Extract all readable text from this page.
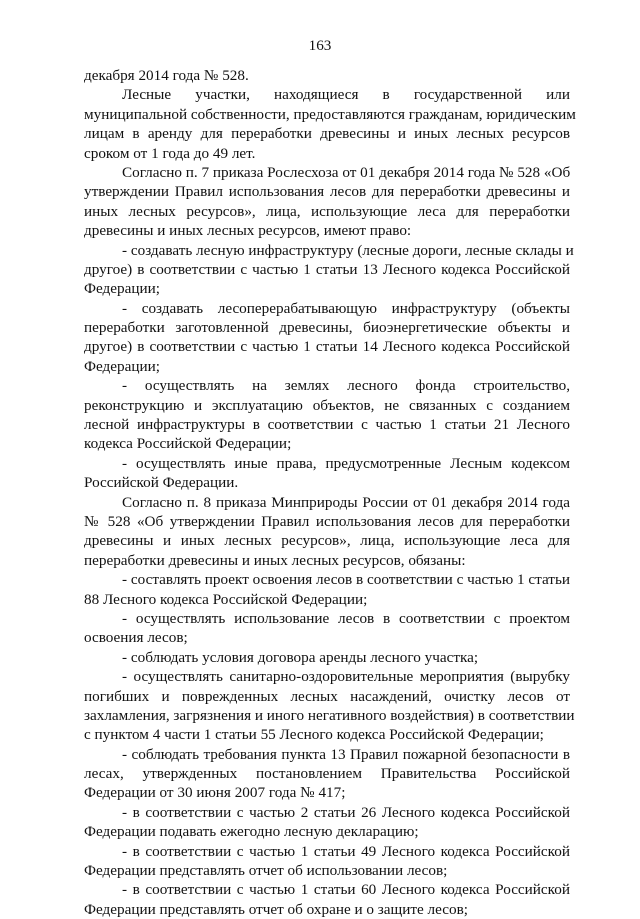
163
декабря 2014 года № 528.
Лесные участки, находящиеся в государственной или
муниципальной собственности, предоставляются гражданам, юридическим
лицам в аренду для переработки древесины и иных лесных ресурсов
сроком от 1 года до 49 лет.
Согласно п. 7 приказа Рослесхоза от 01 декабря 2014 года № 528 «Об
утверждении Правил использования лесов для переработки древесины и
иных лесных ресурсов», лица, использующие леса для переработки
древесины и иных лесных ресурсов, имеют право:
- создавать лесную инфраструктуру (лесные дороги, лесные склады и
другое) в соответствии с частью 1 статьи 13 Лесного кодекса Российской
Федерации;
- создавать лесоперерабатывающую инфраструктуру (объекты
переработки заготовленной древесины, биоэнергетические объекты и
другое) в соответствии с частью 1 статьи 14 Лесного кодекса Российской
Федерации;
- осуществлять на землях лесного фонда строительство,
реконструкцию и эксплуатацию объектов, не связанных с созданием
лесной инфраструктуры в соответствии с частью 1 статьи 21 Лесного
кодекса Российской Федерации;
- осуществлять иные права, предусмотренные Лесным кодексом
Российской Федерации.
Согласно п. 8 приказа Минприроды России от 01 декабря 2014 года
№ 528 «Об утверждении Правил использования лесов для переработки
древесины и иных лесных ресурсов», лица, использующие леса для
переработки древесины и иных лесных ресурсов, обязаны:
- составлять проект освоения лесов в соответствии с частью 1 статьи
88 Лесного кодекса Российской Федерации;
- осуществлять использование лесов в соответствии с проектом
освоения лесов;
- соблюдать условия договора аренды лесного участка;
- осуществлять санитарно-оздоровительные мероприятия (вырубку
погибших и поврежденных лесных насаждений, очистку лесов от
захламления, загрязнения и иного негативного воздействия) в соответствии
с пунктом 4 части 1 статьи 55 Лесного кодекса Российской Федерации;
- соблюдать требования пункта 13 Правил пожарной безопасности в
лесах, утвержденных постановлением Правительства Российской
Федерации от 30 июня 2007 года № 417;
- в соответствии с частью 2 статьи 26 Лесного кодекса Российской
Федерации подавать ежегодно лесную декларацию;
- в соответствии с частью 1 статьи 49 Лесного кодекса Российской
Федерации представлять отчет об использовании лесов;
- в соответствии с частью 1 статьи 60 Лесного кодекса Российской
Федерации представлять отчет об охране и о защите лесов;
